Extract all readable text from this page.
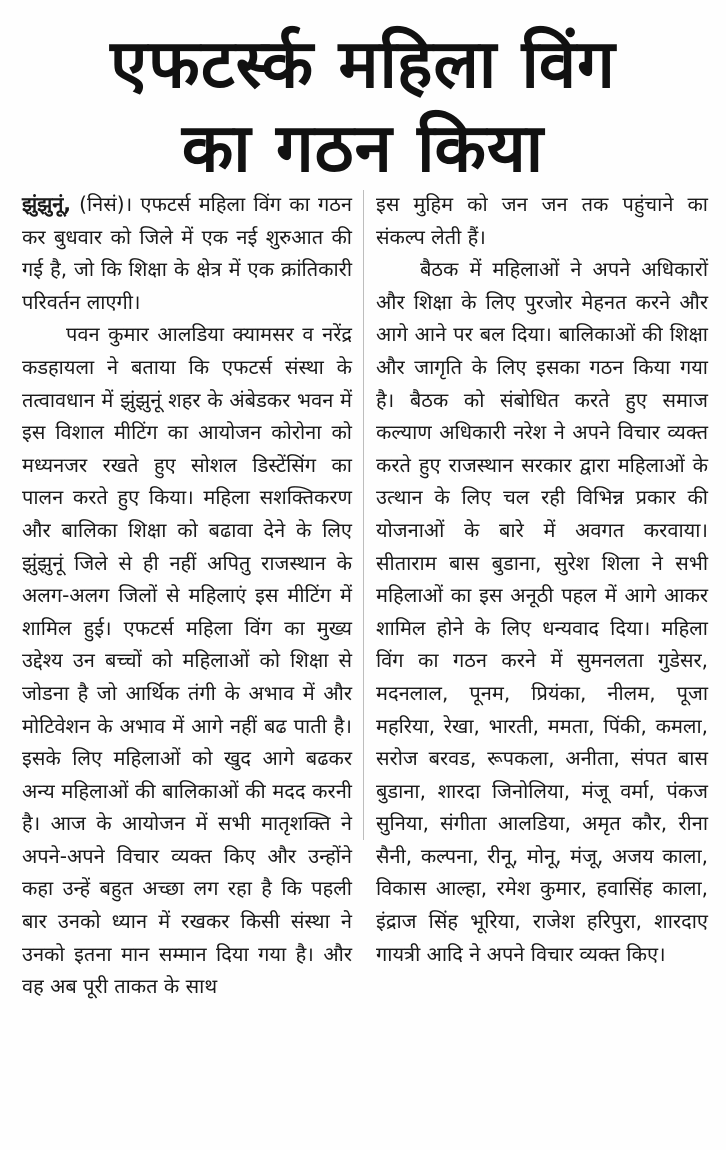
एफटर्स्क महिला विंग
का गठन किया

झुंझुनूं, (निसं)। एफटर्स महिला विंग का गठन कर बुधवार को जिले में एक नई शुरुआत की गई है, जो कि शिक्षा के क्षेत्र में एक क्रांतिकारी परिवर्तन लाएगी।

पवन कुमार आलडिया क्यामसर व नरेंद्र कडहायला ने बताया कि एफटर्स संस्था के तत्वावधान में झुंझुनूं शहर के अंबेडकर भवन में इस विशाल मीटिंग का आयोजन कोरोना को मध्यनजर रखते हुए सोशल डिस्टेंसिंग का पालन करते हुए किया। महिला सशक्तिकरण और बालिका शिक्षा को बढावा देने के लिए झुंझुनूं जिले से ही नहीं अपितु राजस्थान के अलग-अलग जिलों से महिलाएं इस मीटिंग में शामिल हुई। एफटर्स महिला विंग का मुख्य उद्देश्य उन बच्चों को महिलाओं को शिक्षा से जोडना है जो आर्थिक तंगी के अभाव में और मोटिवेशन के अभाव में आगे नहीं बढ पाती है। इसके लिए महिलाओं को खुद आगे बढकर अन्य महिलाओं की बालिकाओं की मदद करनी है। आज के आयोजन में सभी मातृशक्ति ने अपने-अपने विचार व्यक्त किए और उन्होंने कहा उन्हें बहुत अच्छा लग रहा है कि पहली बार उनको ध्यान में रखकर किसी संस्था ने उनको इतना मान सम्मान दिया गया है। और वह अब पूरी ताकत के साथ

इस मुहिम को जन जन तक पहुंचाने का संकल्प लेती हैं।

बैठक में महिलाओं ने अपने अधिकारों और शिक्षा के लिए पुरजोर मेहनत करने और आगे आने पर बल दिया। बालिकाओं की शिक्षा और जागृति के लिए इसका गठन किया गया है। बैठक को संबोधित करते हुए समाज कल्याण अधिकारी नरेश ने अपने विचार व्यक्त करते हुए राजस्थान सरकार द्वारा महिलाओं के उत्थान के लिए चल रही विभिन्न प्रकार की योजनाओं के बारे में अवगत करवाया। सीताराम बास बुडाना, सुरेश शिला ने सभी महिलाओं का इस अनूठी पहल में आगे आकर शामिल होने के लिए धन्यवाद दिया। महिला विंग का गठन करने में सुमनलता गुडेसर, मदनलाल, पूनम, प्रियंका, नीलम, पूजा महरिया, रेखा, भारती, ममता, पिंकी, कमला, सरोज बरवड, रूपकला, अनीता, संपत बास बुडाना, शारदा जिनोलिया, मंजू वर्मा, पंकज सुनिया, संगीता आलडिया, अमृत कौर, रीना सैनी, कल्पना, रीनू, मोनू, मंजू, अजय काला, विकास आल्हा, रमेश कुमार, हवासिंह काला, इंद्राज सिंह भूरिया, राजेश हरिपुरा, शारदाए गायत्री आदि ने अपने विचार व्यक्त किए।
